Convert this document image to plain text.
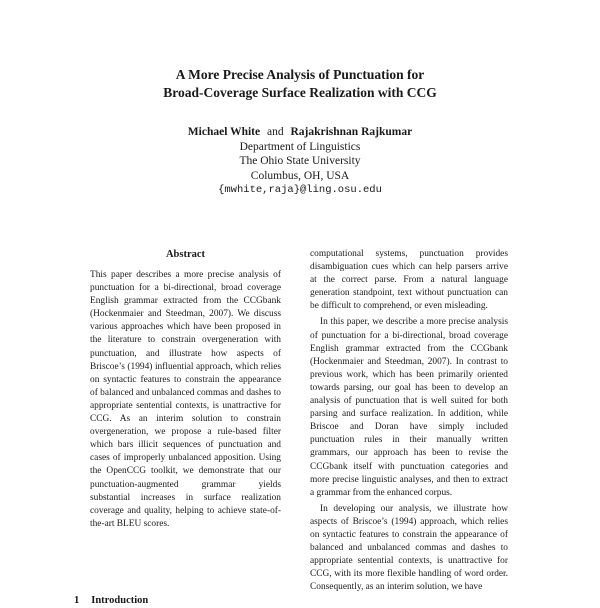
A More Precise Analysis of Punctuation for
Broad-Coverage Surface Realization with CCG
Michael White and Rajakrishnan Rajkumar
Department of Linguistics
The Ohio State University
Columbus, OH, USA
{mwhite,raja}@ling.osu.edu
Abstract

This paper describes a more precise analysis of punctuation for a bi-directional, broad coverage English grammar extracted from the CCGbank (Hockenmaier and Steedman, 2007). We discuss various approaches which have been proposed in the literature to constrain overgeneration with punctuation, and illustrate how aspects of Briscoe’s (1994) influential approach, which relies on syntactic features to constrain the appearance of balanced and unbalanced commas and dashes to appropriate sentential contexts, is unattractive for CCG. As an interim solution to constrain overgeneration, we propose a rule-based filter which bars illicit sequences of punctuation and cases of improperly unbalanced apposition. Using the OpenCCG toolkit, we demonstrate that our punctuation-augmented grammar yields substantial increases in surface realization coverage and quality, helping to achieve state-of-the-art BLEU scores.

computational systems, punctuation provides disambiguation cues which can help parsers arrive at the correct parse. From a natural language generation standpoint, text without punctuation can be difficult to comprehend, or even misleading.

In this paper, we describe a more precise analysis of punctuation for a bi-directional, broad coverage English grammar extracted from the CCGbank (Hockenmaier and Steedman, 2007). In contrast to previous work, which has been primarily oriented towards parsing, our goal has been to develop an analysis of punctuation that is well suited for both parsing and surface realization. In addition, while Briscoe and Doran have simply included punctuation rules in their manually written grammars, our approach has been to revise the CCGbank itself with punctuation categories and more precise linguistic analyses, and then to extract a grammar from the enhanced corpus.

In developing our analysis, we illustrate how aspects of Briscoe’s (1994) approach, which relies on syntactic features to constrain the appearance of balanced and unbalanced commas and dashes to appropriate sentential contexts, is unattractive for CCG, with its more flexible handling of word order. Consequently, as an interim solution, we have

1 Introduction
